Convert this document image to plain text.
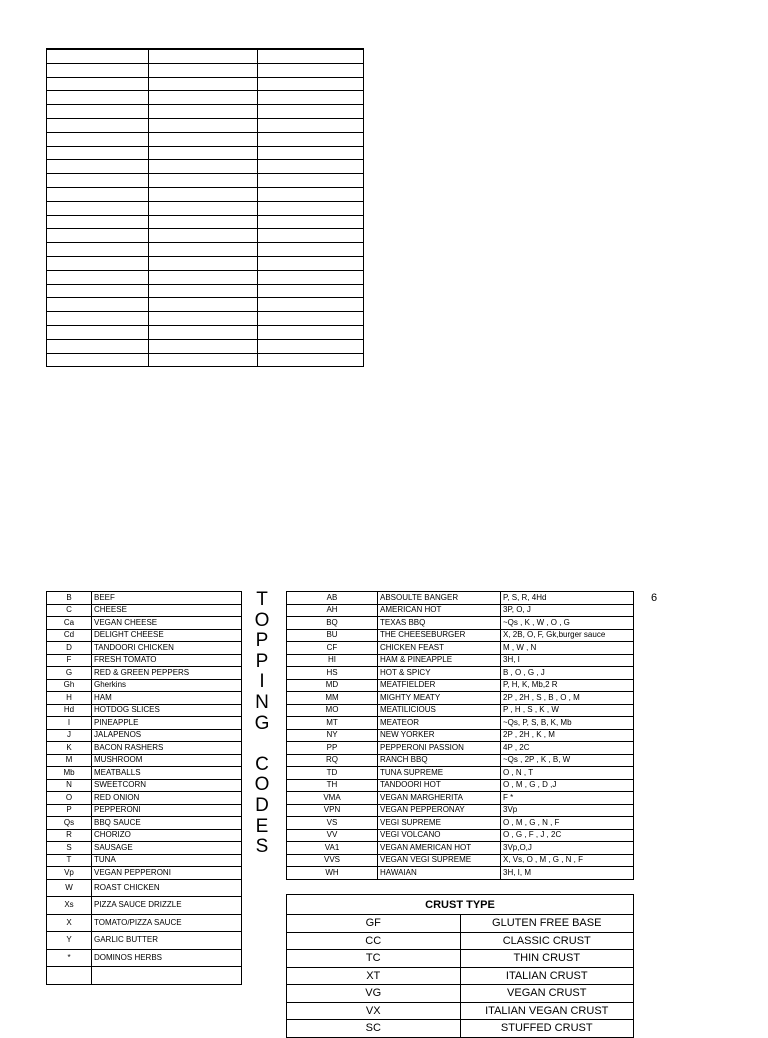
B	BEEF
C	CHEESE
Ca	VEGAN CHEESE
Cd	DELIGHT CHEESE
D	TANDOORI CHICKEN
F	FRESH TOMATO
G	RED & GREEN PEPPERS
Gh	Gherkins
H	HAM
Hd	HOTDOG SLICES
I	PINEAPPLE
J	JALAPENOS
K	BACON RASHERS
M	MUSHROOM
Mb	MEATBALLS
N	SWEETCORN
O	RED ONION
P	PEPPERONI
Qs	BBQ SAUCE
R	CHORIZO
S	SAUSAGE
T	TUNA
Vp	VEGAN PEPPERONI
W	ROAST CHICKEN
Xs	PIZZA SAUCE DRIZZLE
X	TOMATO/PIZZA SAUCE
Y	GARLIC BUTTER
*	DOMINOS HERBS

T
O
P
P
I
N
G
C
O
D
E
S
AB	ABSOULTE BANGER	P, S, R, 4Hd
AH	AMERICAN HOT	3P, O, J
BQ	TEXAS BBQ	~Qs , K , W , O , G
BU	THE CHEESEBURGER	X, 2B, O, F, Gk,burger sauce
CF	CHICKEN FEAST	M , W , N
HI	HAM & PINEAPPLE	3H, I
HS	HOT & SPICY	B , O , G , J
MD	MEATFIELDER	P, H, K, Mb,2 R
MM	MIGHTY MEATY	2P , 2H , S , B , O , M
MO	MEATILICIOUS	P , H , S , K , W
MT	MEATEOR	~Qs, P, S, B, K, Mb
NY	NEW YORKER	2P , 2H , K , M
PP	PEPPERONI PASSION	4P , 2C
RQ	RANCH BBQ	~Qs , 2P , K , B, W
TD	TUNA SUPREME	O , N , T
TH	TANDOORI HOT	O , M , G , D ,J
VMA	VEGAN MARGHERITA	F *
VPN	VEGAN PEPPERONAY	3Vp
VS	VEGI SUPREME	O , M , G , N , F
VV	VEGI VOLCANO	O , G , F , J , 2C
VA1	VEGAN AMERICAN HOT	3Vp,O,J
VVS	VEGAN VEGI SUPREME	X, Vs, O , M , G , N , F
WH	HAWAIAN	3H, I, M
6
CRUST TYPE	
GF	GLUTEN FREE BASE
CC	CLASSIC CRUST
TC	THIN CRUST
XT	ITALIAN CRUST
VG	VEGAN CRUST
VX	ITALIAN VEGAN CRUST
SC	STUFFED CRUST
